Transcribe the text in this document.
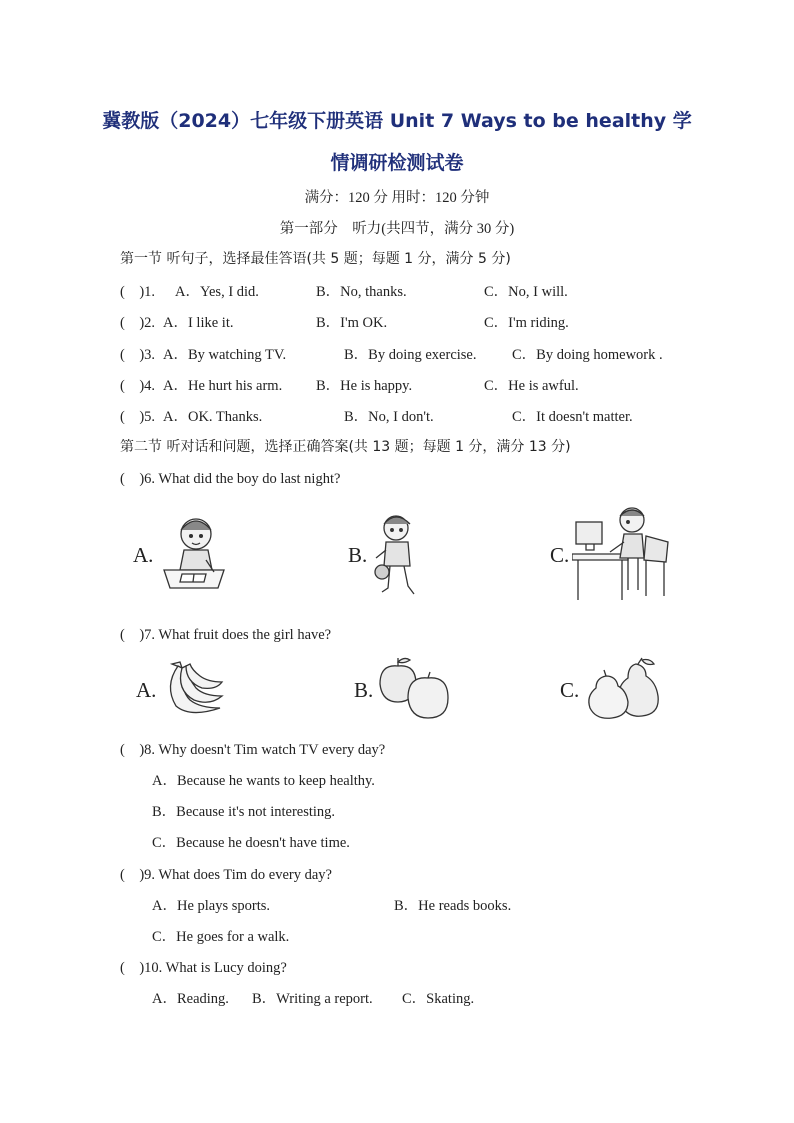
冀教版（2024）七年级下册英语 Unit 7 Ways to be healthy 学
情调研检测试卷
满分：120 分 用时：120 分钟
第一部分　听力(共四节，满分 30 分)
第一节 听句子，选择最佳答语(共 5 题；每题 1 分，满分 5 分)
(　)1. A．Yes, I did.	B．No, thanks.	C．No, I will.
(　)2. A．I like it.	B．I'm OK.	C．I'm riding.
(　)3. A．By watching TV.	B．By doing exercise. C．By doing homework .
(　)4. A．He hurt his arm. B．He is happy.	C．He is awful.
(　)5. A．OK. Thanks.	B．No, I don't.	C．It doesn't matter.
第二节 听对话和问题，选择正确答案(共 13 题；每题 1 分，满分 13 分)
(　)6. What did the boy do last night?
A.	B.	C.
(　)7. What fruit does the girl have?
A.	B.	C.
(　)8. Why doesn't Tim watch TV every day?
A．Because he wants to keep healthy.
B．Because it's not interesting.
C．Because he doesn't have time.
(　)9. What does Tim do every day?
A．He plays sports.	B．He reads books.
C．He goes for a walk.
(　)10. What is Lucy doing?
A．Reading. B．Writing a report. C．Skating.
